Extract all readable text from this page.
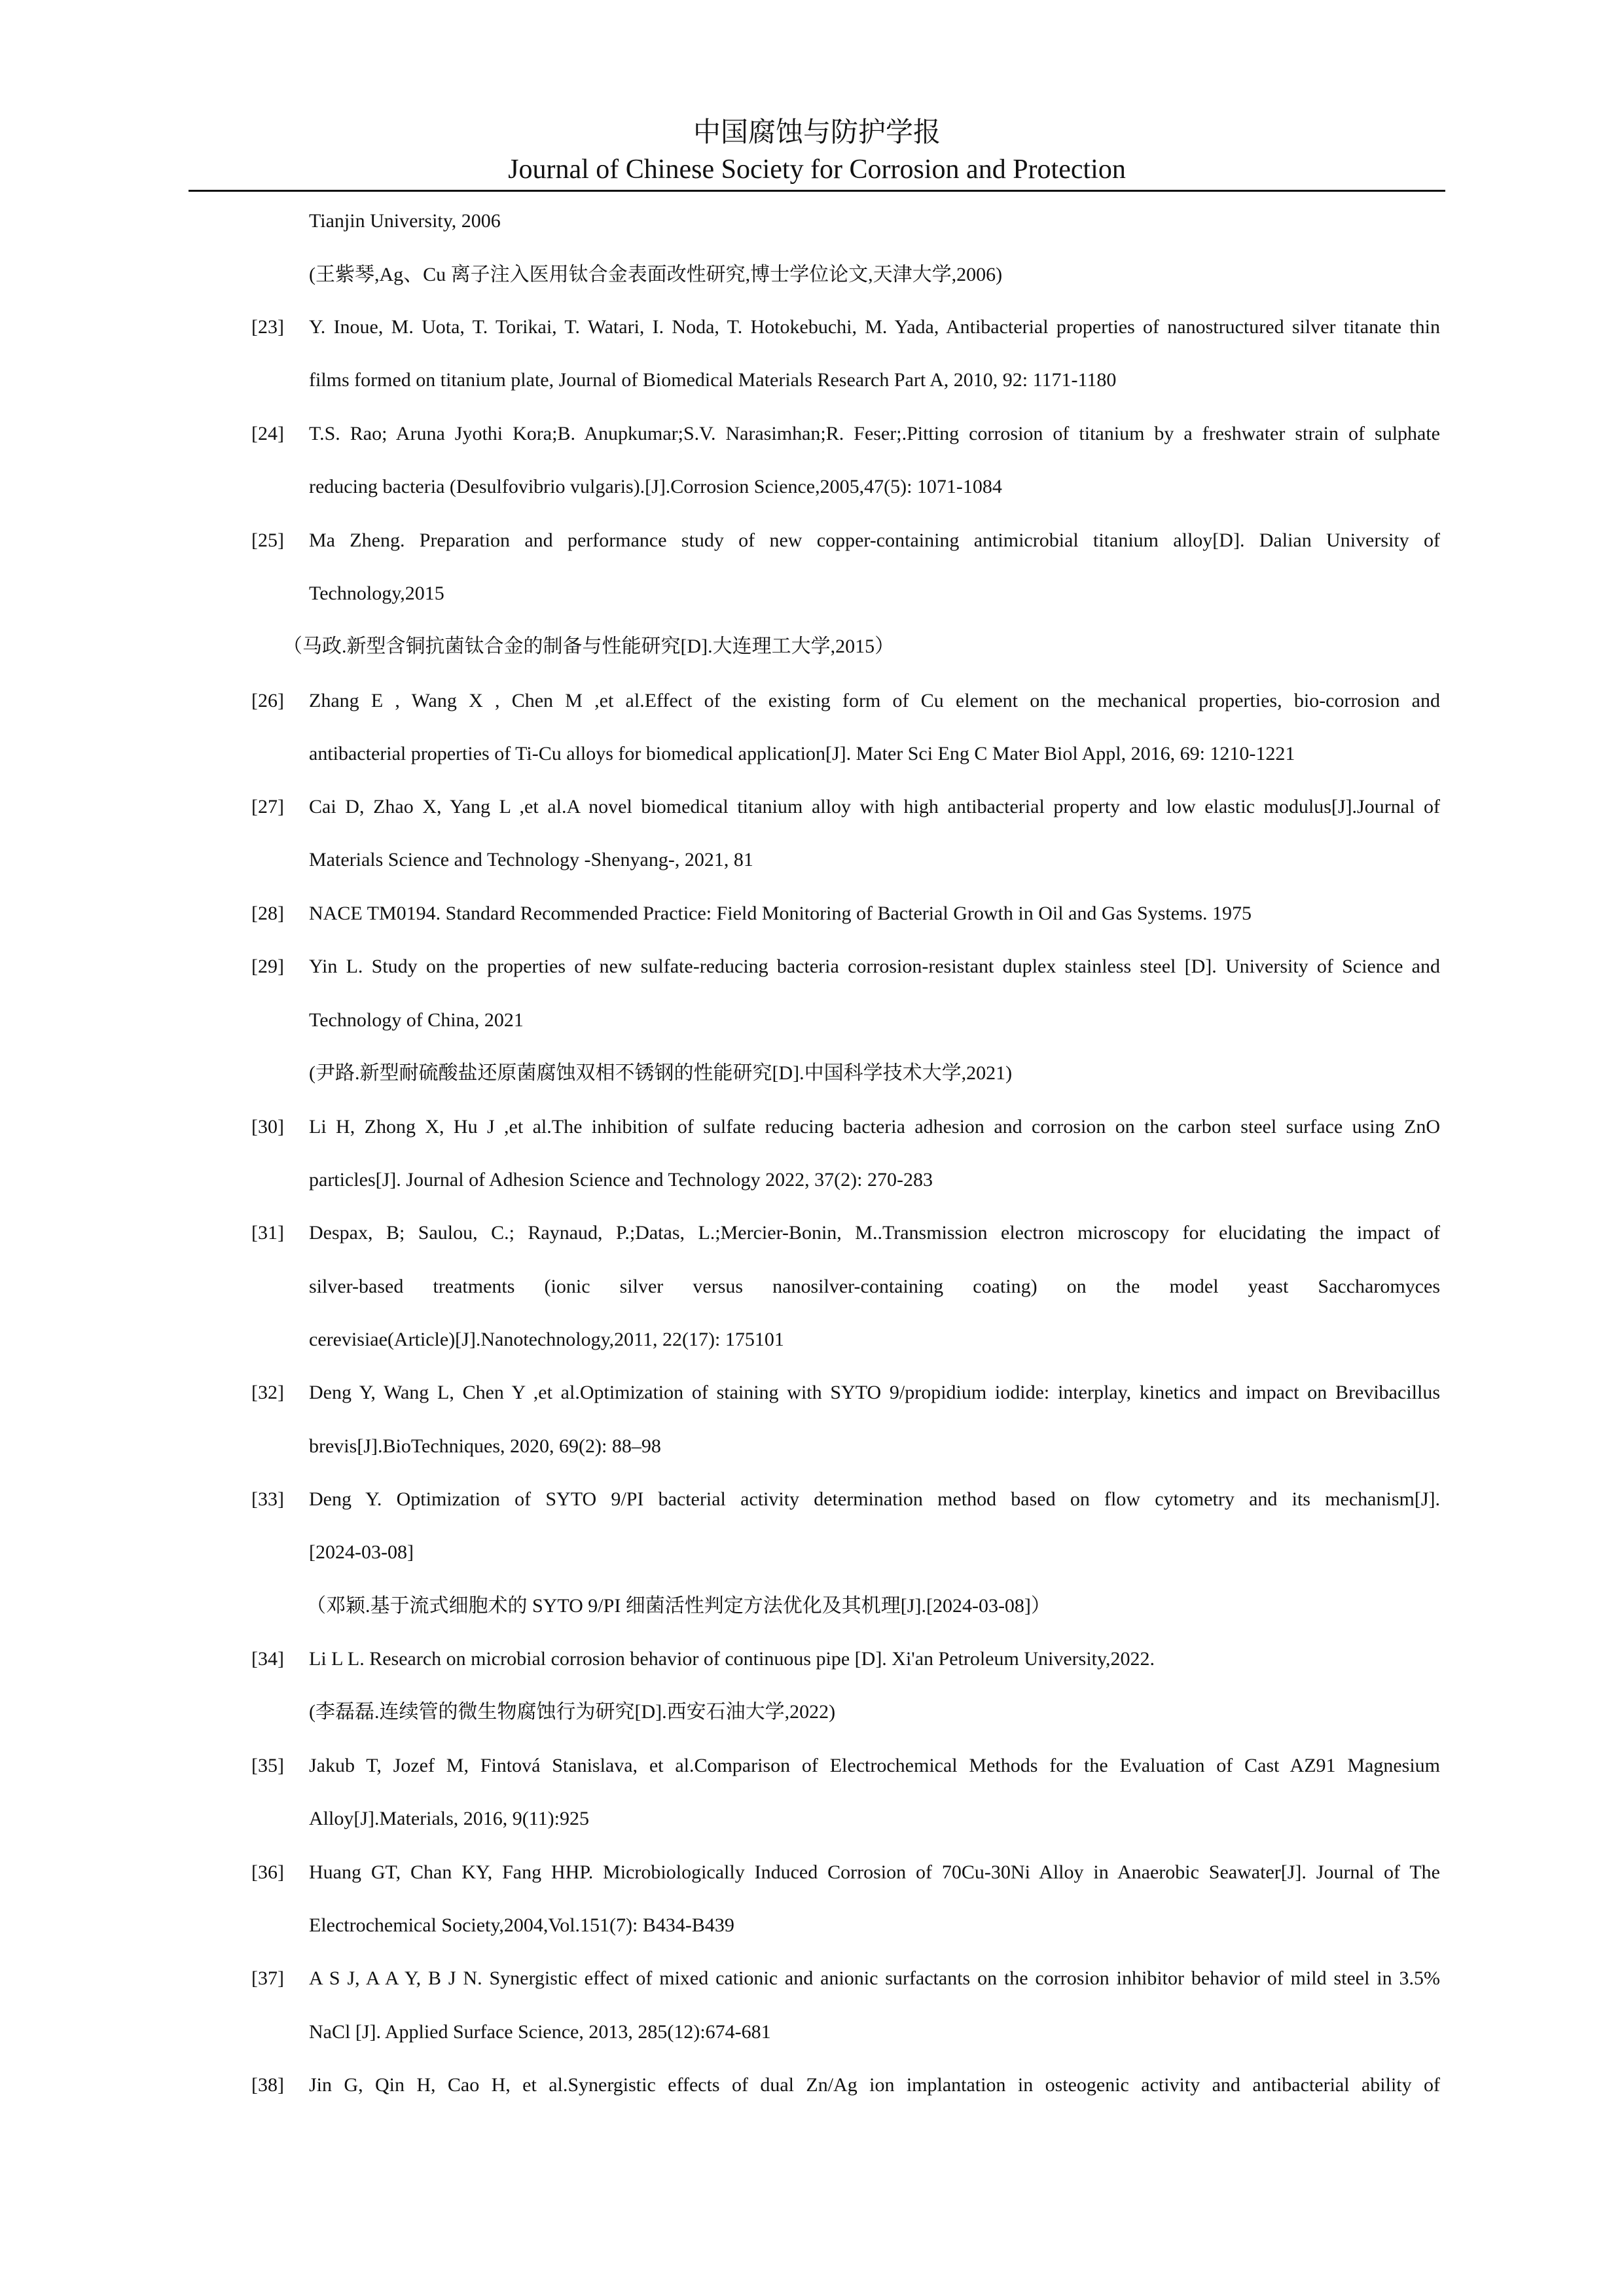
中国腐蚀与防护学报
Journal of Chinese Society for Corrosion and Protection
Tianjin University, 2006
(王紫琴,Ag、Cu 离子注入医用钛合金表面改性研究,博士学位论文,天津大学,2006)
[23] Y. Inoue, M. Uota, T. Torikai, T. Watari, I. Noda, T. Hotokebuchi, M. Yada, Antibacterial properties of nanostructured silver titanate thin
films formed on titanium plate, Journal of Biomedical Materials Research Part A, 2010, 92: 1171-1180
[24] T.S. Rao; Aruna Jyothi Kora;B. Anupkumar;S.V. Narasimhan;R. Feser;.Pitting corrosion of titanium by a freshwater strain of sulphate
reducing bacteria (Desulfovibrio vulgaris).[J].Corrosion Science,2005,47(5): 1071-1084
[25] Ma Zheng. Preparation and performance study of new copper-containing antimicrobial titanium alloy[D]. Dalian University of
Technology,2015
（马政.新型含铜抗菌钛合金的制备与性能研究[D].大连理工大学,2015）
[26] Zhang E , Wang X , Chen M ,et al.Effect of the existing form of Cu element on the mechanical properties, bio-corrosion and
antibacterial properties of Ti-Cu alloys for biomedical application[J]. Mater Sci Eng C Mater Biol Appl, 2016, 69: 1210-1221
[27] Cai D, Zhao X, Yang L ,et al.A novel biomedical titanium alloy with high antibacterial property and low elastic modulus[J].Journal of
Materials Science and Technology -Shenyang-, 2021, 81
[28] NACE TM0194. Standard Recommended Practice: Field Monitoring of Bacterial Growth in Oil and Gas Systems. 1975
[29] Yin L. Study on the properties of new sulfate-reducing bacteria corrosion-resistant duplex stainless steel [D]. University of Science and
Technology of China, 2021
(尹路.新型耐硫酸盐还原菌腐蚀双相不锈钢的性能研究[D].中国科学技术大学,2021)
[30] Li H, Zhong X, Hu J ,et al.The inhibition of sulfate reducing bacteria adhesion and corrosion on the carbon steel surface using ZnO
particles[J]. Journal of Adhesion Science and Technology 2022, 37(2): 270-283
[31] Despax, B; Saulou, C.; Raynaud, P.;Datas, L.;Mercier-Bonin, M..Transmission electron microscopy for elucidating the impact of
silver-based treatments (ionic silver versus nanosilver-containing coating) on the model yeast Saccharomyces
cerevisiae(Article)[J].Nanotechnology,2011, 22(17): 175101
[32] Deng Y, Wang L, Chen Y ,et al.Optimization of staining with SYTO 9/propidium iodide: interplay, kinetics and impact on Brevibacillus
brevis[J].BioTechniques, 2020, 69(2): 88–98
[33] Deng Y. Optimization of SYTO 9/PI bacterial activity determination method based on flow cytometry and its mechanism[J].
[2024-03-08]
（邓颖.基于流式细胞术的 SYTO 9/PI 细菌活性判定方法优化及其机理[J].[2024-03-08]）
[34] Li L L. Research on microbial corrosion behavior of continuous pipe [D]. Xi'an Petroleum University,2022.
(李磊磊.连续管的微生物腐蚀行为研究[D].西安石油大学,2022)
[35] Jakub T, Jozef M, Fintová Stanislava, et al.Comparison of Electrochemical Methods for the Evaluation of Cast AZ91 Magnesium
Alloy[J].Materials, 2016, 9(11):925
[36] Huang GT, Chan KY, Fang HHP. Microbiologically Induced Corrosion of 70Cu-30Ni Alloy in Anaerobic Seawater[J]. Journal of The
Electrochemical Society,2004,Vol.151(7): B434-B439
[37] A S J, A A Y, B J N. Synergistic effect of mixed cationic and anionic surfactants on the corrosion inhibitor behavior of mild steel in 3.5%
NaCl [J]. Applied Surface Science, 2013, 285(12):674-681
[38] Jin G, Qin H, Cao H, et al.Synergistic effects of dual Zn/Ag ion implantation in osteogenic activity and antibacterial ability of
